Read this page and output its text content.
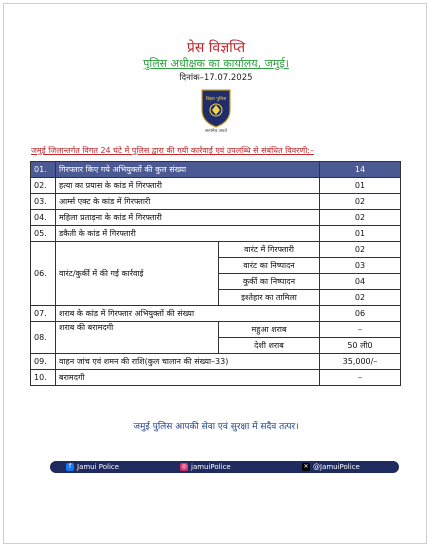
प्रेस विज्ञप्ति
पुलिस अधीक्षक का कार्यालय, जमुई।
दिनांक–17.07.2025
बिहार पुलिस
सत्यमेव जयते
जमुई जिलान्तर्गत विगत 24 घंटे में पुलिस द्वारा की गयी कार्रवाई एवं उपलब्धि से संबंधित विवरणी:–
01.	गिरफ्तार किए गये अभियुक्तों की कुल संख्या		14
02.	हत्या का प्रयास के कांड में गिरफ्तारी		01
03.	आर्म्स एक्ट के कांड में गिरफ्तारी		02
04.	महिला प्रताड़ना के कांड में गिरफ्तारी		02
05.	डकैती के कांड में गिरफ्तारी		01
06.	वारंट/कुर्की में की गई कार्रवाई	वारंट में गिरफ्तारी	02
		वारंट का निष्पादन	03
		कुर्की का निष्पादन	04
		इश्तेहार का तामिला	02
07.	शराब के कांड में गिरफ्तार अभियुक्तों की संख्या		06
08.	शराब की बरामदगी	महुआ शराब	–
		देशी शराब	50 ली0
09.	वाहन जांच एवं शमन की राशि(कुल चालान की संख्या–33)		35,000/–
10.	बरामदगी		–
जमुई पुलिस आपकी सेवा एवं सुरक्षा में सदैव तत्पर।
f Jamui Police	◎ jamuiPolice	✕ @JamuiPolice
